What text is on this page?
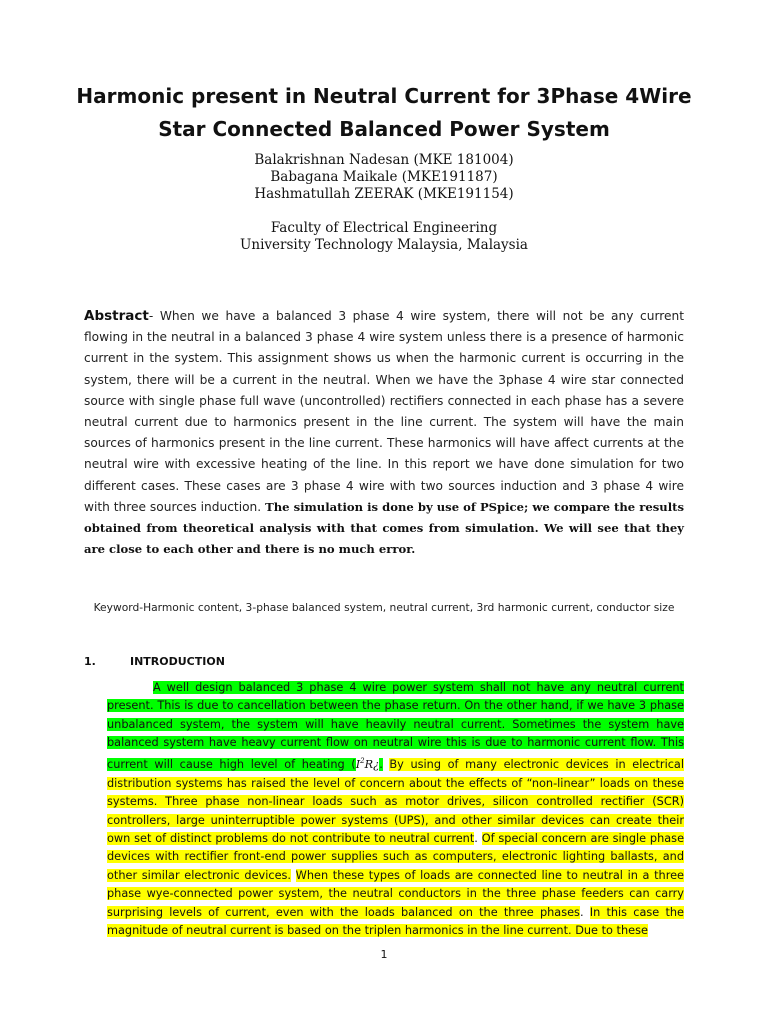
Harmonic present in Neutral Current for 3Phase 4Wire Star Connected Balanced Power System
Balakrishnan Nadesan (MKE 181004)
Babagana Maikale (MKE191187)
Hashmatullah ZEERAK (MKE191154)
Faculty of Electrical Engineering
University Technology Malaysia, Malaysia
Abstract- When we have a balanced 3 phase 4 wire system, there will not be any current flowing in the neutral in a balanced 3 phase 4 wire system unless there is a presence of harmonic current in the system. This assignment shows us when the harmonic current is occurring in the system, there will be a current in the neutral. When we have the 3phase 4 wire star connected source with single phase full wave (uncontrolled) rectifiers connected in each phase has a severe neutral current due to harmonics present in the line current. The system will have the main sources of harmonics present in the line current. These harmonics will have affect currents at the neutral wire with excessive heating of the line. In this report we have done simulation for two different cases. These cases are 3 phase 4 wire with two sources induction and 3 phase 4 wire with three sources induction. The simulation is done by use of PSpice; we compare the results obtained from theoretical analysis with that comes from simulation. We will see that they are close to each other and there is no much error.
Keyword-Harmonic content, 3-phase balanced system, neutral current, 3rd harmonic current, conductor size
1.	INTRODUCTION
A well design balanced 3 phase 4 wire power system shall not have any neutral current present. This is due to cancellation between the phase return. On the other hand, if we have 3 phase unbalanced system, the system will have heavily neutral current. Sometimes the system have balanced system have heavy current flow on neutral wire this is due to harmonic current flow. This current will cause high level of heating ($I^2R¿$. By using of many electronic devices in electrical distribution systems has raised the level of concern about the effects of “non-linear” loads on these systems. Three phase non-linear loads such as motor drives, silicon controlled rectifier (SCR) controllers, large uninterruptible power systems (UPS), and other similar devices can create their own set of distinct problems do not contribute to neutral current. Of special concern are single phase devices with rectifier front-end power supplies such as computers, electronic lighting ballasts, and other similar electronic devices. When these types of loads are connected line to neutral in a three phase wye-connected power system, the neutral conductors in the three phase feeders can carry surprising levels of current, even with the loads balanced on the three phases. In this case the magnitude of neutral current is based on the triplen harmonics in the line current. Due to these
1
